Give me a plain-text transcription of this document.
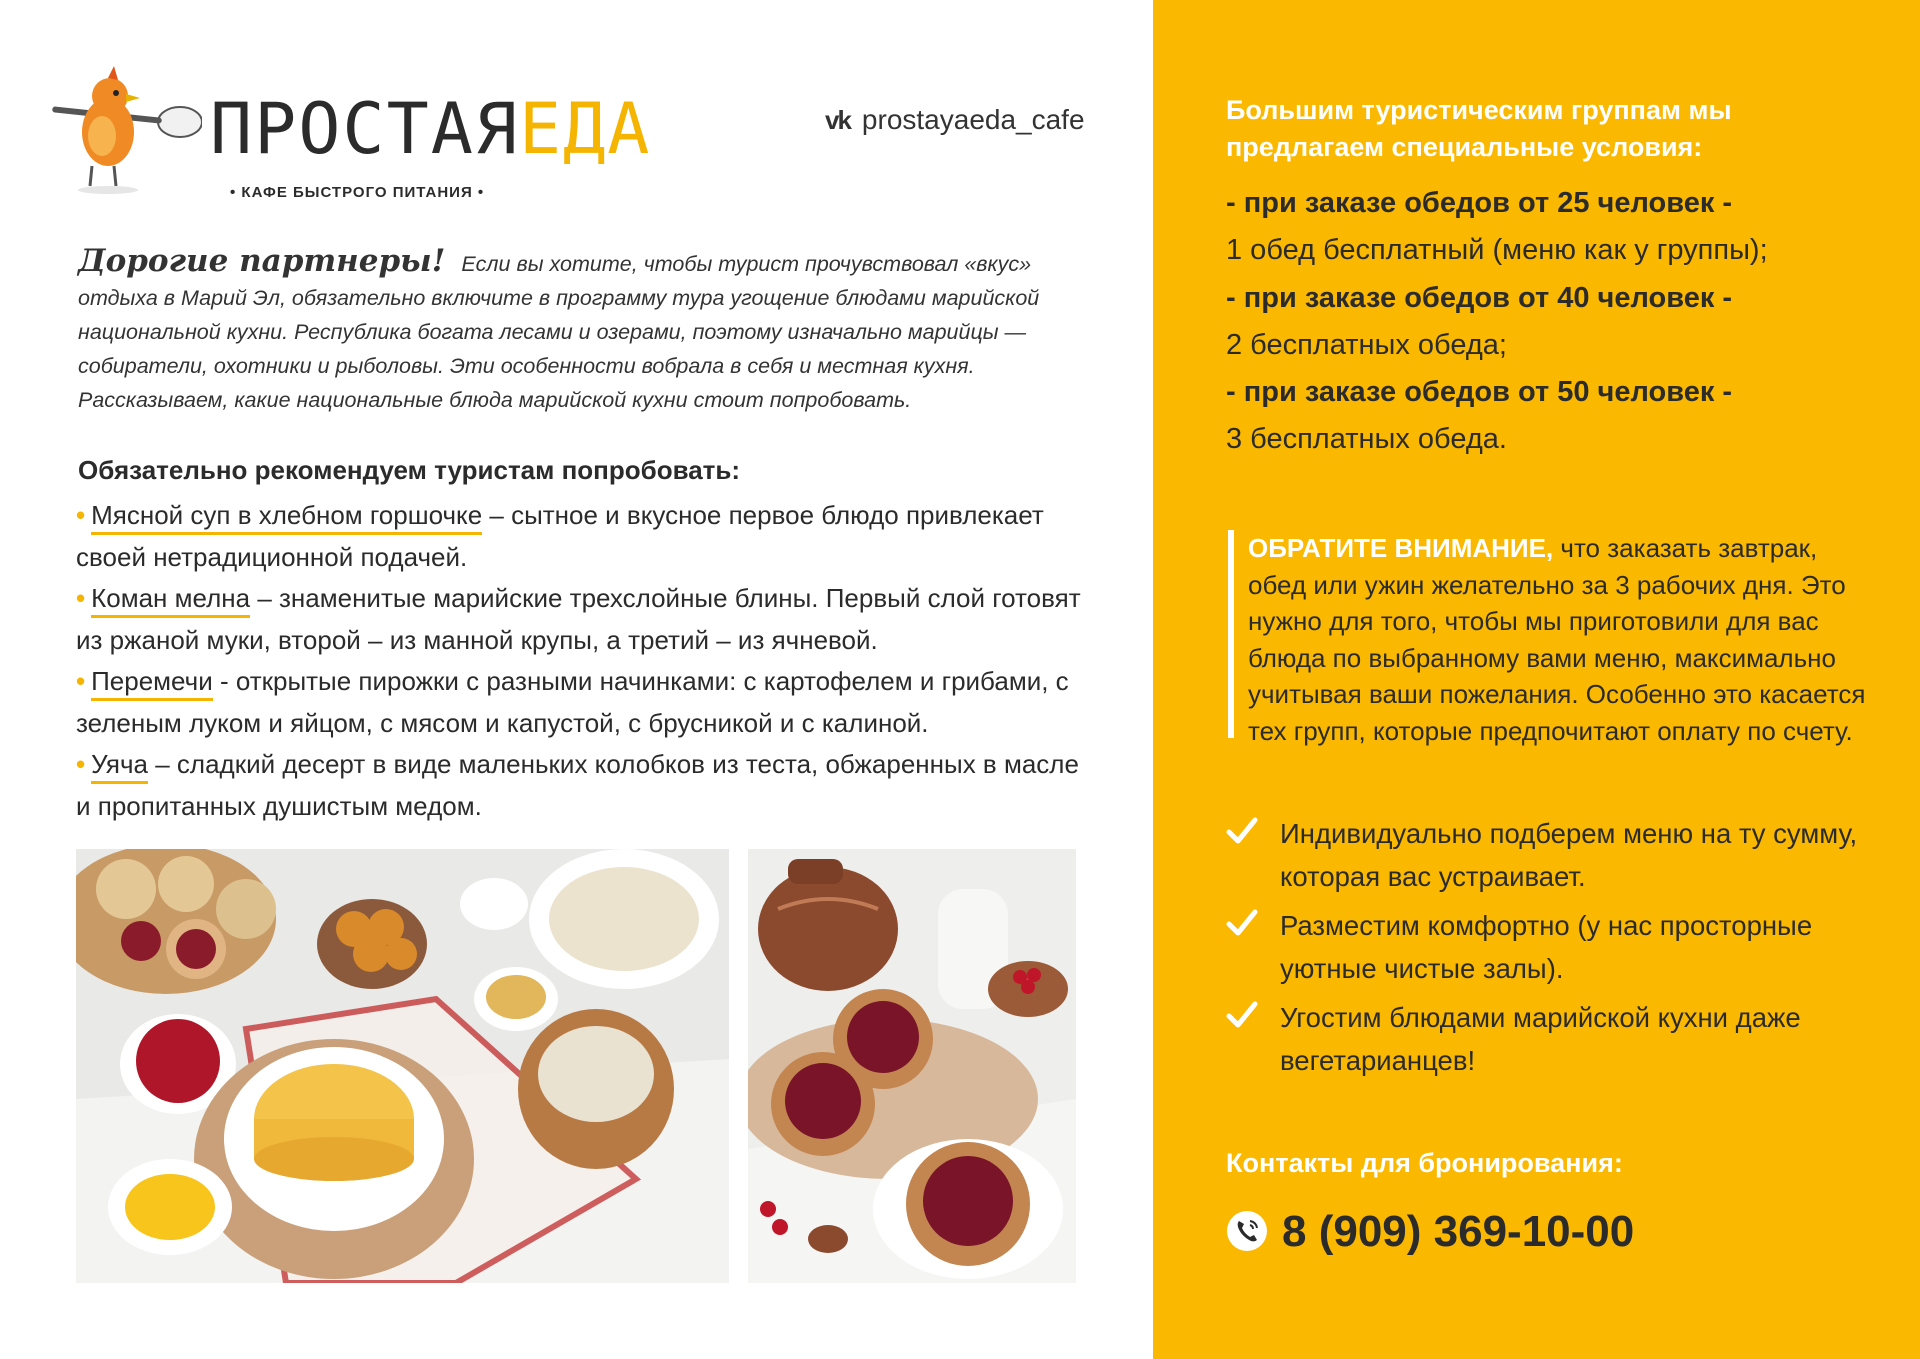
ПРОСТАЯЕДА
• КАФЕ БЫСТРОГО ПИТАНИЯ •
vk prostayaeda_cafe
Дорогие партнеры! Если вы хотите, чтобы турист прочувствовал «вкус» отдыха в Марий Эл, обязательно включите в программу тура угощение блюдами марийской национальной кухни. Республика богата лесами и озерами, поэтому изначально марийцы — собиратели, охотники и рыболовы. Эти особенности вобрала в себя и местная кухня. Рассказываем, какие национальные блюда марийской кухни стоит попробовать.
Обязательно рекомендуем туристам попробовать:

• Мясной суп в хлебном горшочке – сытное и вкусное первое блюдо привлекает своей нетрадиционной подачей.

• Коман мелна – знаменитые марийские трехслойные блины. Первый слой готовят из ржаной муки, второй – из манной крупы, а третий – из ячневой.

• Перемечи - открытые пирожки с разными начинками: с картофелем и грибами, с зеленым луком и яйцом, с мясом и капустой, с брусникой и с калиной.

• Уяча – сладкий десерт в виде маленьких колобков из теста, обжаренных в масле и пропитанных душистым медом.

Большим туристическим группам мы предлагаем специальные условия:
- при заказе обедов от 25 человек -
1 обед бесплатный (меню как у группы);
- при заказе обедов от 40 человек -
2 бесплатных обеда;
- при заказе обедов от 50 человек -
3 бесплатных обеда.
ОБРАТИТЕ ВНИМАНИЕ, что заказать завтрак, обед или ужин желательно за 3 рабочих дня. Это нужно для того, чтобы мы приготовили для вас блюда по выбранному вами меню, максимально учитывая ваши пожелания. Особенно это касается тех групп, которые предпочитают оплату по счету.
Индивидуально подберем меню на ту сумму, которая вас устраивает.
Разместим комфортно (у нас просторные уютные чистые залы).
Угостим блюдами марийской кухни даже вегетарианцев!
Контакты для бронирования:
8 (909) 369-10-00
